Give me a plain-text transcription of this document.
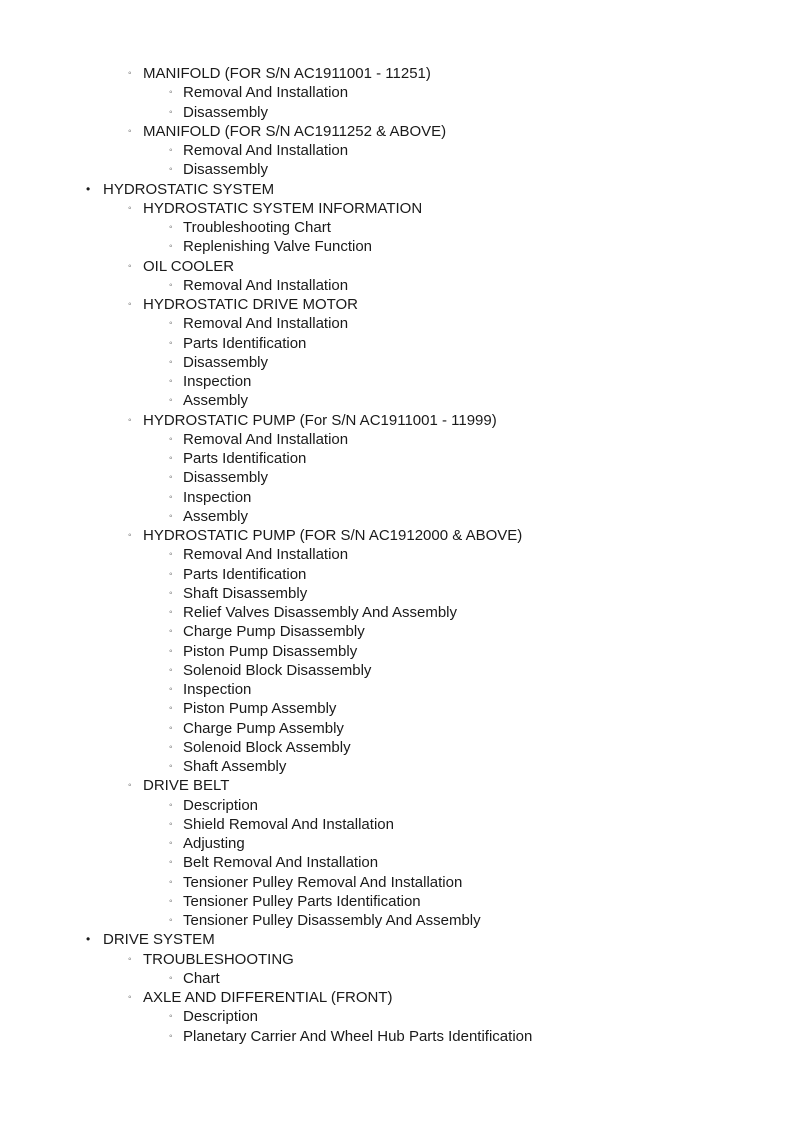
◦ MANIFOLD (FOR S/N AC1911001 - 11251)
◦ Removal And Installation
◦ Disassembly
◦ MANIFOLD (FOR S/N AC1911252 & ABOVE)
◦ Removal And Installation
◦ Disassembly
• HYDROSTATIC SYSTEM
◦ HYDROSTATIC SYSTEM INFORMATION
◦ Troubleshooting Chart
◦ Replenishing Valve Function
◦ OIL COOLER
◦ Removal And Installation
◦ HYDROSTATIC DRIVE MOTOR
◦ Removal And Installation
◦ Parts Identification
◦ Disassembly
◦ Inspection
◦ Assembly
◦ HYDROSTATIC PUMP (For S/N AC1911001 - 11999)
◦ Removal And Installation
◦ Parts Identification
◦ Disassembly
◦ Inspection
◦ Assembly
◦ HYDROSTATIC PUMP (FOR S/N AC1912000 & ABOVE)
◦ Removal And Installation
◦ Parts Identification
◦ Shaft Disassembly
◦ Relief Valves Disassembly And Assembly
◦ Charge Pump Disassembly
◦ Piston Pump Disassembly
◦ Solenoid Block Disassembly
◦ Inspection
◦ Piston Pump Assembly
◦ Charge Pump Assembly
◦ Solenoid Block Assembly
◦ Shaft Assembly
◦ DRIVE BELT
◦ Description
◦ Shield Removal And Installation
◦ Adjusting
◦ Belt Removal And Installation
◦ Tensioner Pulley Removal And Installation
◦ Tensioner Pulley Parts Identification
◦ Tensioner Pulley Disassembly And Assembly
• DRIVE SYSTEM
◦ TROUBLESHOOTING
◦ Chart
◦ AXLE AND DIFFERENTIAL (FRONT)
◦ Description
◦ Planetary Carrier And Wheel Hub Parts Identification
